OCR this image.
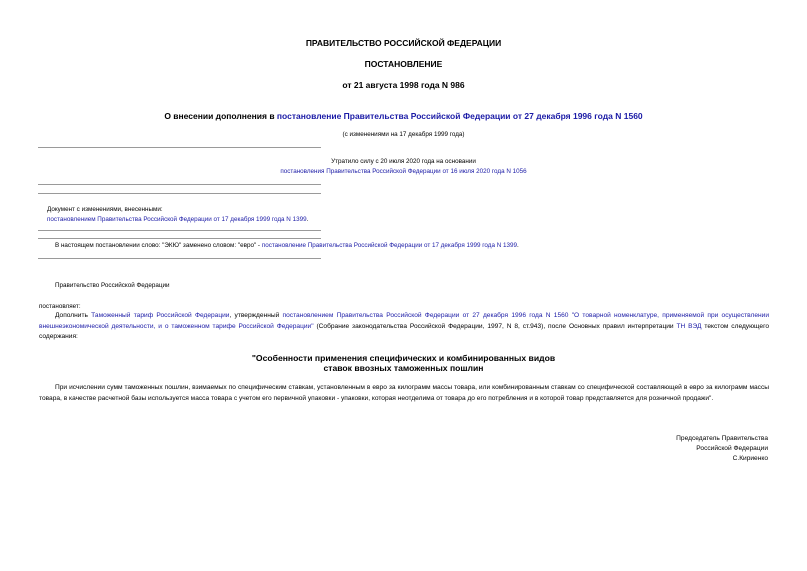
ПРАВИТЕЛЬСТВО РОССИЙСКОЙ ФЕДЕРАЦИИ
ПОСТАНОВЛЕНИЕ
от 21 августа 1998 года N 986
О внесении дополнения в постановление Правительства Российской Федерации от 27 декабря 1996 года N 1560
(с изменениями на 17 декабря 1999 года)
Утратило силу с 20 июля 2020 года на основании
постановления Правительства Российской Федерации от 16 июля 2020 года N 1056
Документ с изменениями, внесенными:
постановлением Правительства Российской Федерации от 17 декабря 1999 года N 1399.
В настоящем постановлении слово: "ЭКЮ" заменено словом: "евро" - постановление Правительства Российской Федерации от 17 декабря 1999 года N 1399.
Правительство Российской Федерации
постановляет:
Дополнить Таможенный тариф Российской Федерации, утвержденный постановлением Правительства Российской Федерации от 27 декабря 1996 года N 1560 "О товарной номенклатуре, применяемой при осуществлении внешнеэкономической деятельности, и о таможенном тарифе Российской Федерации" (Собрание законодательства Российской Федерации, 1997, N 8, ст.943), после Основных правил интерпретации ТН ВЭД текстом следующего содержания:
"Особенности применения специфических и комбинированных видов
ставок ввозных таможенных пошлин
При исчислении сумм таможенных пошлин, взимаемых по специфическим ставкам, установленным в евро за килограмм массы товара, или комбинированным ставкам со специфической составляющей в евро за килограмм массы товара, в качестве расчетной базы используется масса товара с учетом его первичной упаковки - упаковки, которая неотделима от товара до его потребления и в которой товар представляется для розничной продажи".
Председатель Правительства
Российской Федерации
С.Кириенко
